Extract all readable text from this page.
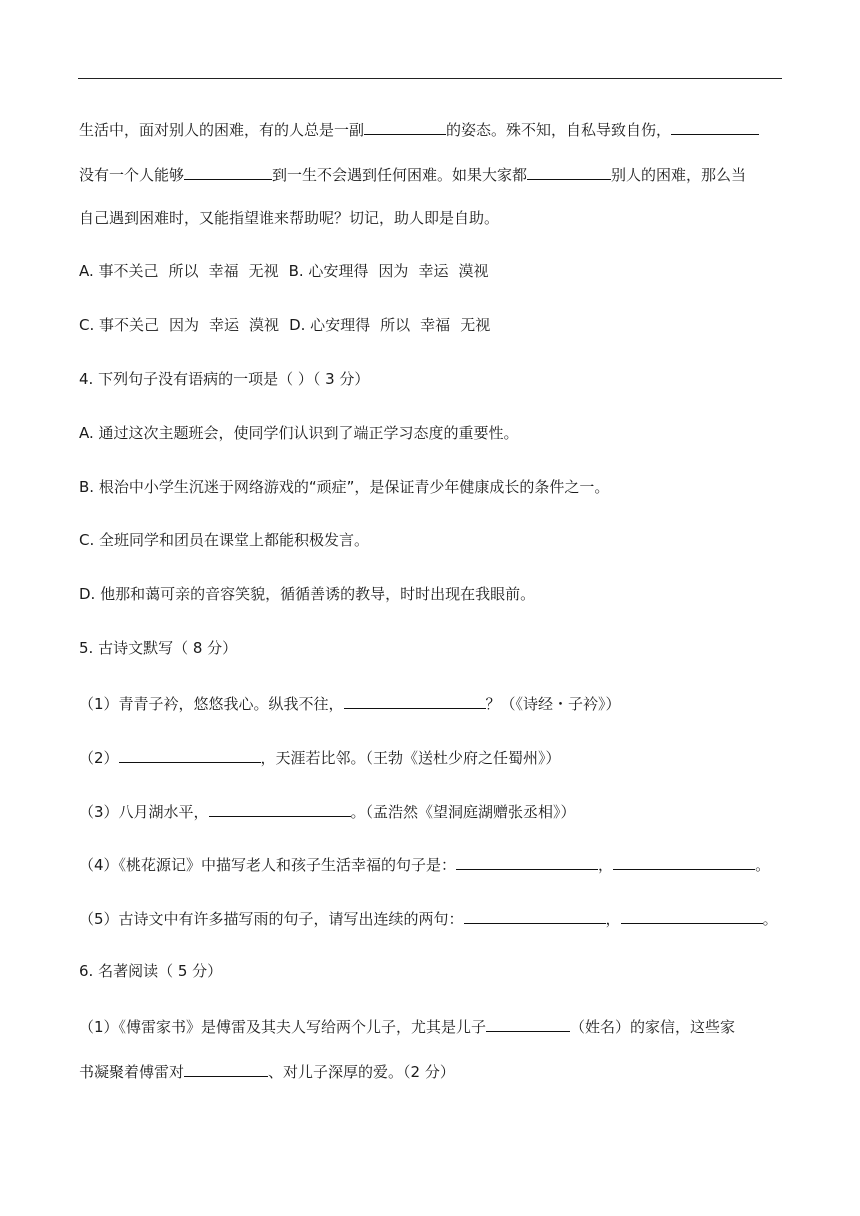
生活中，面对别人的困难，有的人总是一副	的姿态。殊不知，自私导致自伤，
没有一个人能够	到一生不会遇到任何困难。如果大家都	别人的困难，那么当
自己遇到困难时，又能指望谁来帮助呢？切记，助人即是自助。
A. 事不关己 所以 幸福 无视 B. 心安理得 因为 幸运 漠视
C. 事不关己 因为 幸运 漠视 D. 心安理得 所以 幸福 无视
4. 下列句子没有语病的一项是（ ）（ 3 分）
A. 通过这次主题班会，使同学们认识到了端正学习态度的重要性。
B. 根治中小学生沉迷于网络游戏的“顽症”，是保证青少年健康成长的条件之一。
C. 全班同学和团员在课堂上都能积极发言。
D. 他那和蔼可亲的音容笑貌，循循善诱的教导，时时出现在我眼前。
5. 古诗文默写（ 8 分）
（1）青青子衿，悠悠我心。纵我不往，	？（《诗经・子衿》）
（2）	，天涯若比邻。（王勃《送杜少府之任蜀州》）
（3）八月湖水平，	。（孟浩然《望洞庭湖赠张丞相》）
（4）《桃花源记》中描写老人和孩子生活幸福的句子是：	，	。
（5）古诗文中有许多描写雨的句子，请写出连续的两句：	，	。
6. 名著阅读（ 5 分）
（1）《傅雷家书》是傅雷及其夫人写给两个儿子，尤其是儿子	（姓名）的家信，这些家
书凝聚着傅雷对	、对儿子深厚的爱。（2 分）
